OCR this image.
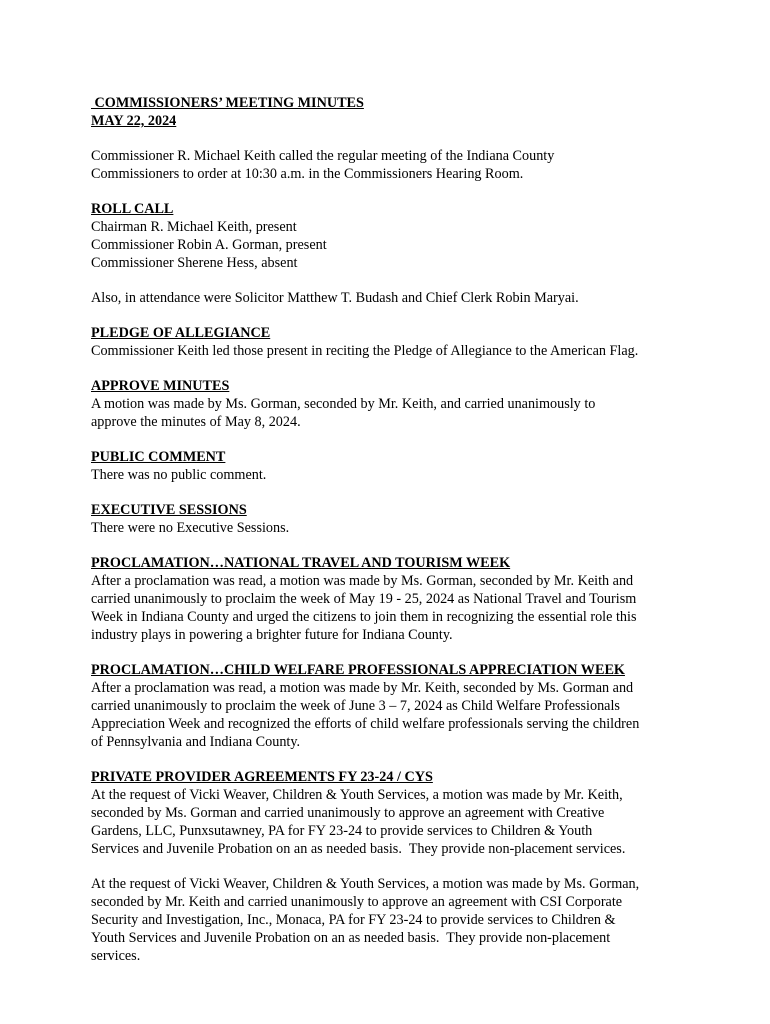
COMMISSIONERS’ MEETING MINUTES

MAY 22, 2024

Commissioner R. Michael Keith called the regular meeting of the Indiana County
Commissioners to order at 10:30 a.m. in the Commissioners Hearing Room.

ROLL CALL

Chairman R. Michael Keith, present
Commissioner Robin A. Gorman, present
Commissioner Sherene Hess, absent

Also, in attendance were Solicitor Matthew T. Budash and Chief Clerk Robin Maryai.

PLEDGE OF ALLEGIANCE

Commissioner Keith led those present in reciting the Pledge of Allegiance to the American Flag.

APPROVE MINUTES

A motion was made by Ms. Gorman, seconded by Mr. Keith, and carried unanimously to
approve the minutes of May 8, 2024.

PUBLIC COMMENT

There was no public comment.

EXECUTIVE SESSIONS

There were no Executive Sessions.

PROCLAMATION…NATIONAL TRAVEL AND TOURISM WEEK

After a proclamation was read, a motion was made by Ms. Gorman, seconded by Mr. Keith and
carried unanimously to proclaim the week of May 19 - 25, 2024 as National Travel and Tourism
Week in Indiana County and urged the citizens to join them in recognizing the essential role this
industry plays in powering a brighter future for Indiana County.

PROCLAMATION…CHILD WELFARE PROFESSIONALS APPRECIATION WEEK

After a proclamation was read, a motion was made by Mr. Keith, seconded by Ms. Gorman and
carried unanimously to proclaim the week of June 3 – 7, 2024 as Child Welfare Professionals
Appreciation Week and recognized the efforts of child welfare professionals serving the children
of Pennsylvania and Indiana County.

PRIVATE PROVIDER AGREEMENTS FY 23-24 / CYS

At the request of Vicki Weaver, Children & Youth Services, a motion was made by Mr. Keith,
seconded by Ms. Gorman and carried unanimously to approve an agreement with Creative
Gardens, LLC, Punxsutawney, PA for FY 23-24 to provide services to Children & Youth
Services and Juvenile Probation on an as needed basis.  They provide non-placement services.

At the request of Vicki Weaver, Children & Youth Services, a motion was made by Ms. Gorman,
seconded by Mr. Keith and carried unanimously to approve an agreement with CSI Corporate
Security and Investigation, Inc., Monaca, PA for FY 23-24 to provide services to Children &
Youth Services and Juvenile Probation on an as needed basis.  They provide non-placement
services.
